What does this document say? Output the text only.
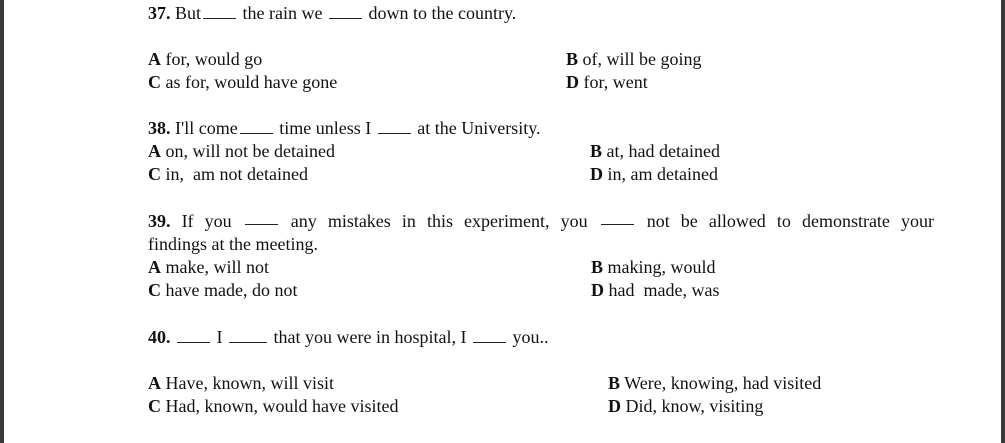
37. But the rain we	down to the country.
A for, would go	B of, will be going
C as for, would have gone	D for, went
38. I'll come time unless I	at the University.
A on, will not be detained	B at, had detained
C in,  am not detained	D in, am detained
39. If you	any mistakes in this experiment, you	not be allowed to demonstrate your
findings at the meeting.
A make, will not	B making, would
C have made, do not	D had  made, was
40.	I	that you were in hospital, I	you..
A Have, known, will visit	B Were, knowing, had visited
C Had, known, would have visited	D Did, know, visiting
